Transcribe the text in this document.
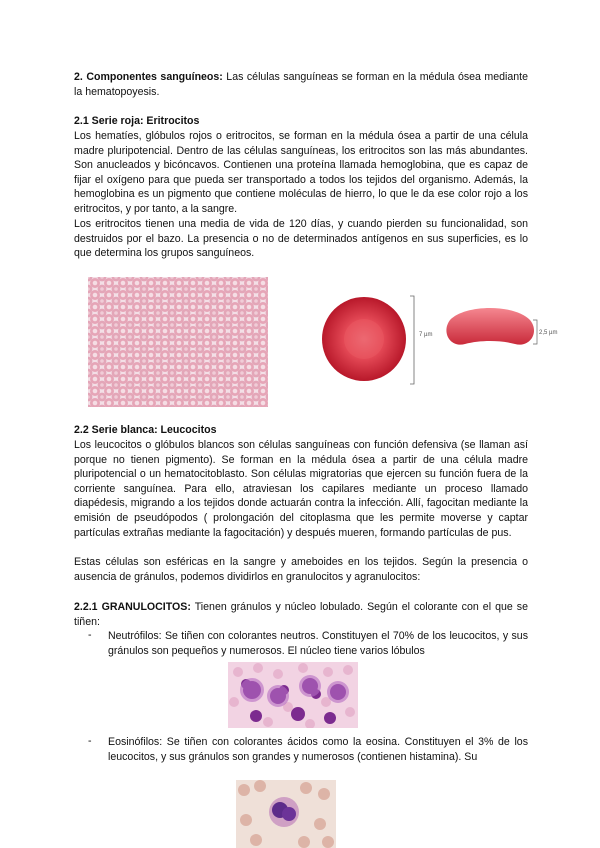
2. Componentes sanguíneos: Las células sanguíneas se forman en la médula ósea mediante la hematopoyesis.
2.1 Serie roja: Eritrocitos
Los hematíes, glóbulos rojos o eritrocitos, se forman en la médula ósea a partir de una célula madre pluripotencial. Dentro de las células sanguíneas, los eritrocitos son las más abundantes. Son anucleados y bicóncavos. Contienen una proteína llamada hemoglobina, que es capaz de fijar el oxígeno para que pueda ser transportado a todos los tejidos del organismo. Además, la hemoglobina es un pigmento que contiene moléculas de hierro, lo que le da ese color rojo a los eritrocitos, y por tanto, a la sangre.
Los eritrocitos tienen una media de vida de 120 días, y cuando pierden su funcionalidad, son destruidos por el bazo. La presencia o no de determinados antígenos en sus superficies, es lo que determina los grupos sanguíneos.
7 µm	2,5 µm
2.2 Serie blanca: Leucocitos
Los leucocitos o glóbulos blancos son células sanguíneas con función defensiva (se llaman así porque no tienen pigmento). Se forman en la médula ósea a partir de una célula madre pluripotencial o un hematocitoblasto. Son células migratorias que ejercen su función fuera de la corriente sanguínea. Para ello, atraviesan los capilares mediante un proceso llamado diapédesis, migrando a los tejidos donde actuarán contra la infección. Allí, fagocitan mediante la emisión de pseudópodos ( prolongación del citoplasma que les permite moverse y captar partículas extrañas mediante la fagocitación) y después mueren, formando partículas de pus.
Estas células son esféricas en la sangre y ameboides en los tejidos. Según la presencia o ausencia de gránulos, podemos dividirlos en granulocitos y agranulocitos:
2.2.1 GRANULOCITOS: Tienen gránulos y núcleo lobulado. Según el colorante con el que se tiñen:
- Neutrófilos: Se tiñen con colorantes neutros. Constituyen el 70% de los leucocitos, y sus gránulos son pequeños y numerosos. El núcleo tiene varios lóbulos
- Eosinófilos: Se tiñen con colorantes ácidos como la eosina. Constituyen el 3% de los leucocitos, y sus gránulos son grandes y numerosos (contienen histamina). Su
